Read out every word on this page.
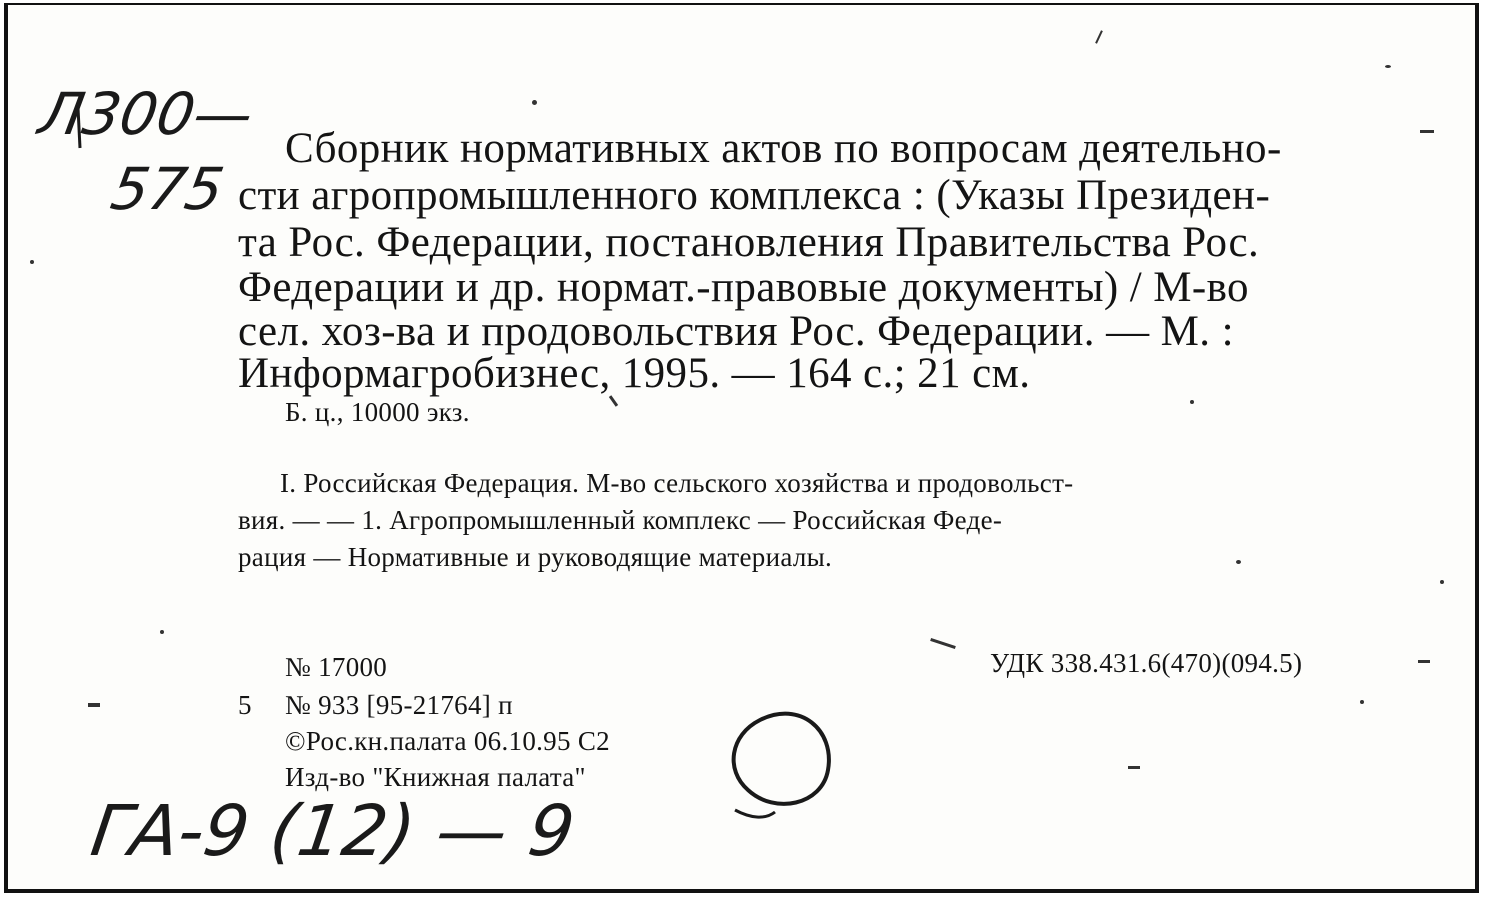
Л300—
575
Сборник нормативных актов по вопросам деятельно-
сти агропромышленного комплекса : (Указы Президен-
та Рос. Федерации, постановления Правительства Рос.
Федерации и др. нормат.-правовые документы) / М-во
сел. хоз-ва и продовольствия Рос. Федерации. — М. :
Информагробизнес, 1995. — 164 с.; 21 см.
Б. ц., 10000 экз.
I. Российская Федерация. М-во сельского хозяйства и продовольст-
вия. — — 1. Агропромышленный комплекс — Российская Феде-
рация — Нормативные и руководящие материалы.
№ 17000	УДК 338.431.6(470)(094.5)
5 № 933 [95-21764] п
©Рос.кн.палата 06.10.95 С2
Изд-во "Книжная палата"
ГА-9 (12) — 9
